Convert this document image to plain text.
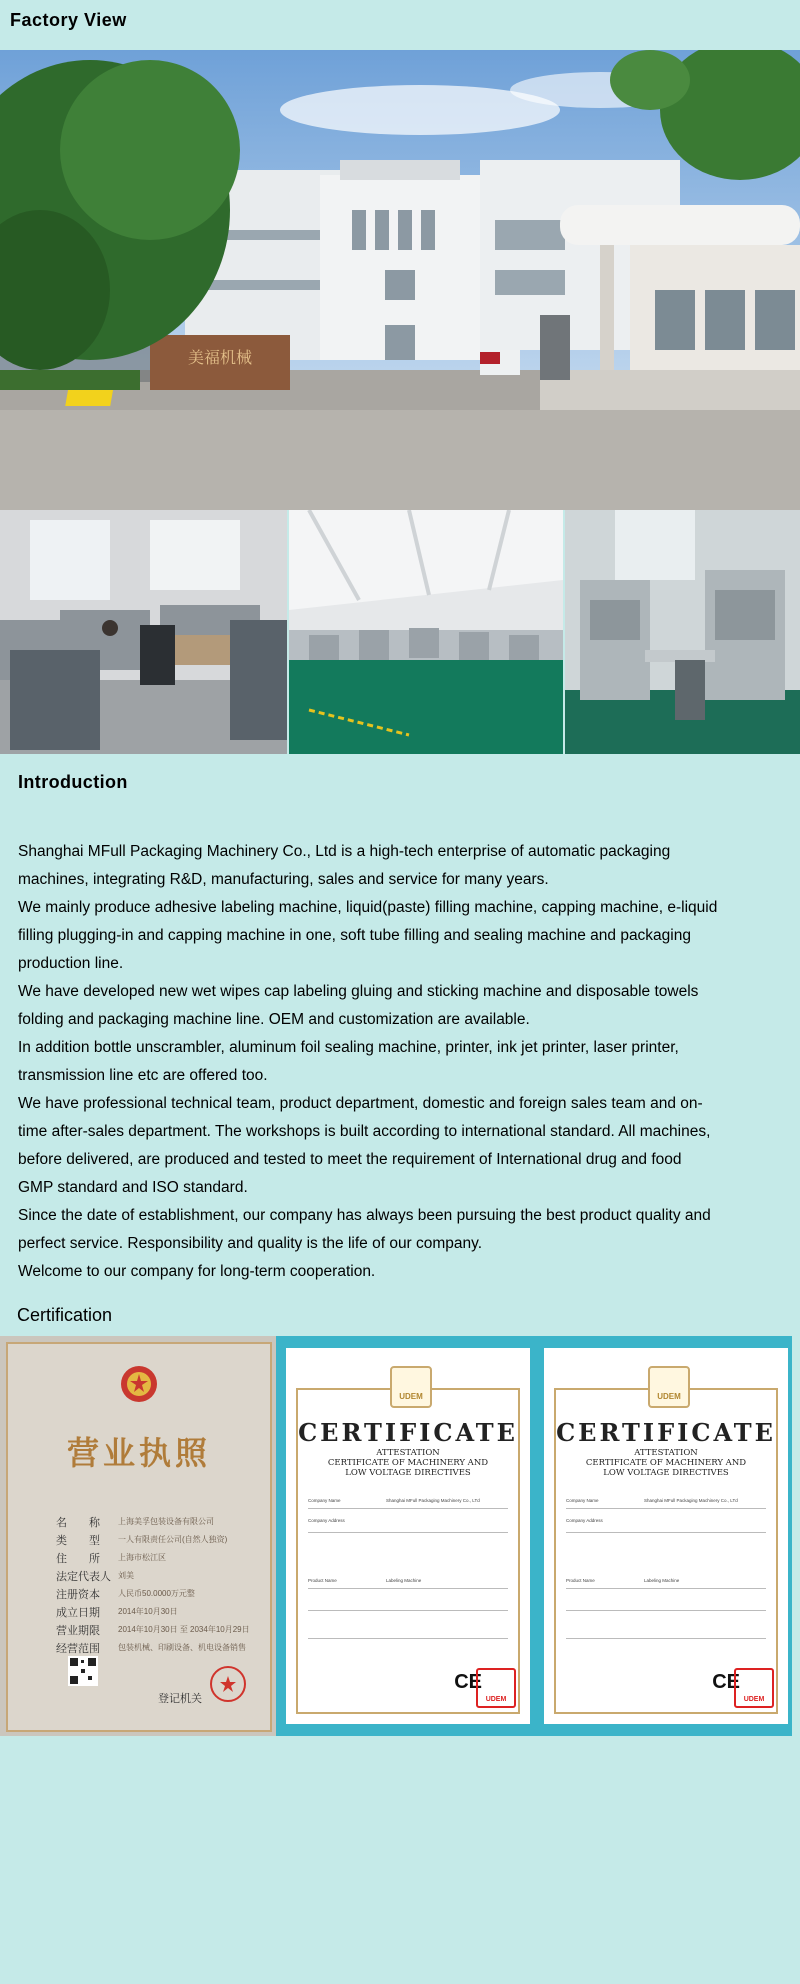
Factory View
美福机械
Introduction

Shanghai MFull Packaging Machinery Co., Ltd is a high-tech enterprise of automatic packaging machines, integrating R&D, manufacturing, sales and service for many years.

We mainly produce adhesive labeling machine, liquid(paste) filling machine, capping machine, e-liquid filling plugging-in and capping machine in one, soft tube filling and sealing machine and packaging production line.

We have developed new wet wipes cap labeling gluing and sticking machine and disposable towels folding and packaging machine line. OEM and customization are available.

In addition bottle unscrambler, aluminum foil sealing machine, printer, ink jet printer, laser printer, transmission line etc are offered too.

We have professional technical team, product department, domestic and foreign sales team and on-time after-sales department. The workshops is built according to international standard. All machines, before delivered, are produced and tested to meet the requirement of International drug and food GMP standard and ISO standard.

Since the date of establishment, our company has always been pursuing the best product quality and perfect service. Responsibility and quality is the life of our company.

Welcome to our company for long-term cooperation.

Certification
营业执照
名　　称 上海美孚包装设备有限公司
类　　型 一人有限责任公司(自然人独资)
住　　所 上海市松江区
法定代表人 刘美
注册资本 人民币50.0000万元整
成立日期 2014年10月30日
营业期限 2014年10月30日 至 2034年10月29日
经营范围 包装机械、印刷设备、机电设备销售
登记机关
UDEM
CERTIFICATE
ATTESTATION
CERTIFICATE OF MACHINERY AND
LOW VOLTAGE DIRECTIVES
Company Name	Shanghai MFull Packaging Machinery Co., LTd
Company Address
Product Name	Labeling Machine
CE
UDEM
UDEM
CERTIFICATE
ATTESTATION
CERTIFICATE OF MACHINERY AND
LOW VOLTAGE DIRECTIVES
Company Name	Shanghai MFull Packaging Machinery Co., LTd
Company Address
Product Name	Labeling Machine
CE
UDEM
